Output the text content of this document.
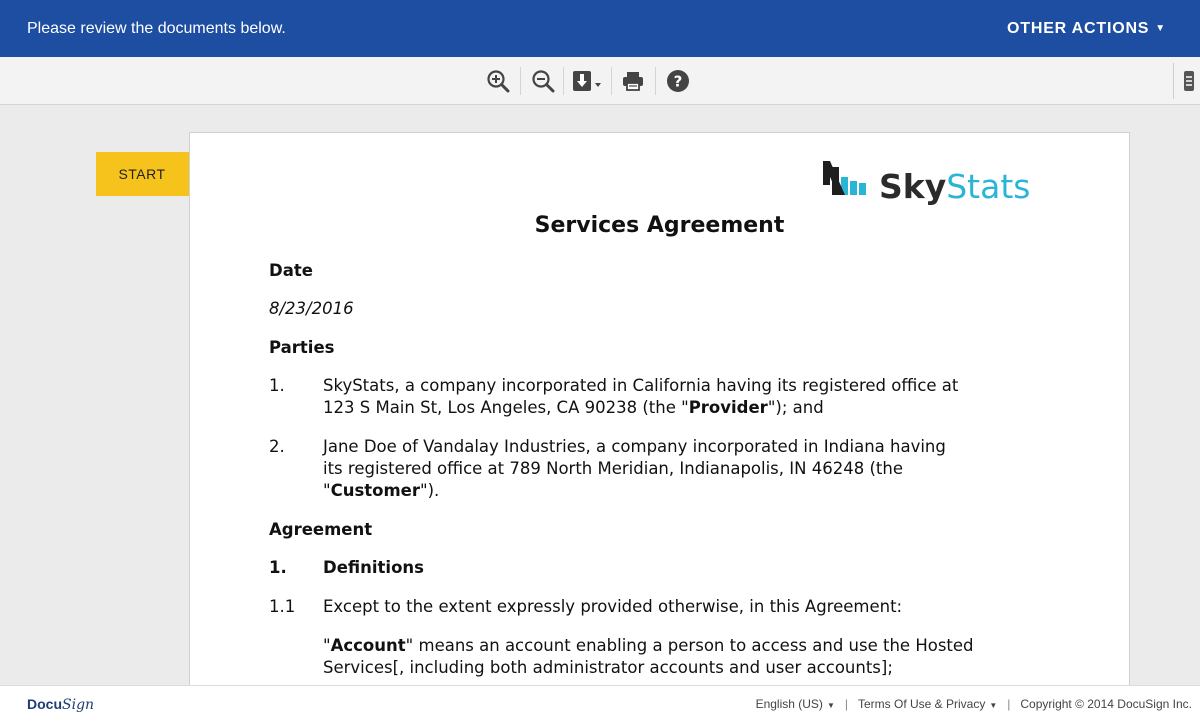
Please review the documents below.	OTHER ACTIONS ▼
?
START	SkyStats
Services Agreement
Date
8/23/2016
Parties
1. SkyStats, a company incorporated in California having its registered office at
123 S Main St, Los Angeles, CA 90238 (the "Provider"); and
2. Jane Doe of Vandalay Industries, a company incorporated in Indiana having
its registered office at 789 North Meridian, Indianapolis, IN 46248 (the
"Customer").
Agreement
1. Definitions
1.1 Except to the extent expressly provided otherwise, in this Agreement:
"Account" means an account enabling a person to access and use the Hosted
Services[, including both administrator accounts and user accounts];
DocuSign	English (US) ▼ | Terms Of Use & Privacy ▼ | Copyright © 2014 DocuSign Inc.
